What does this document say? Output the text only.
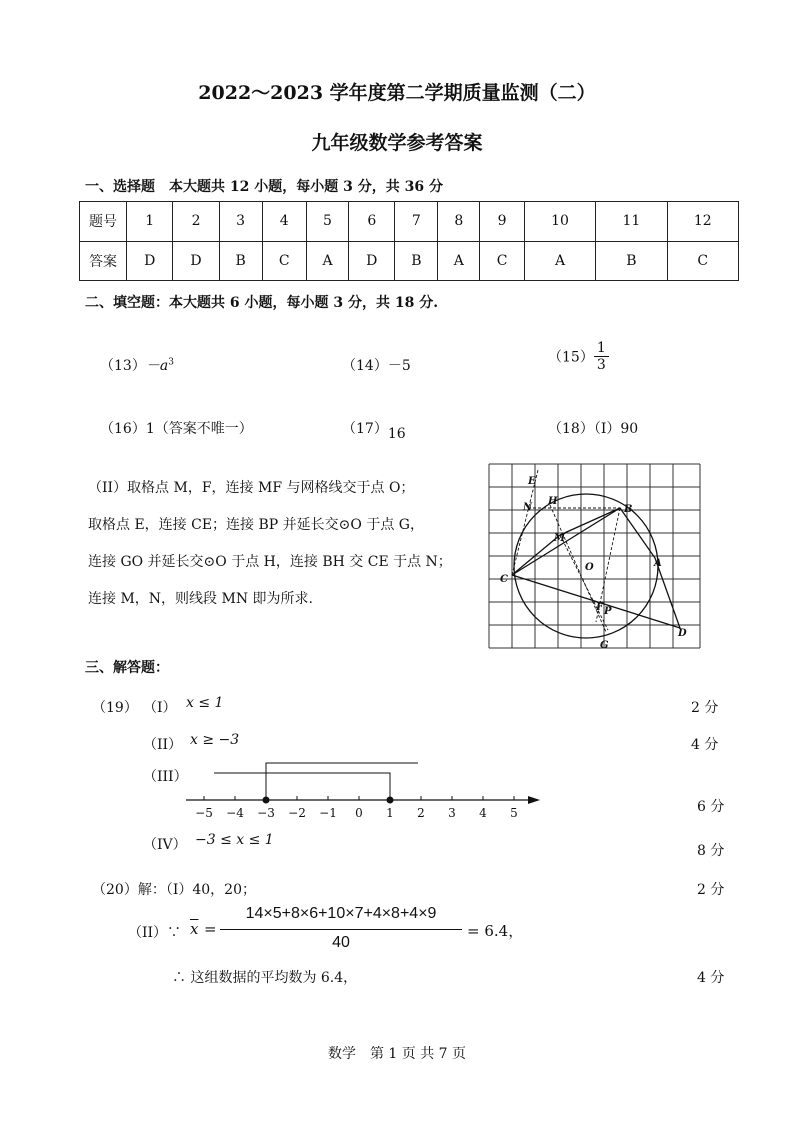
2022～2023 学年度第二学期质量监测（二）
九年级数学参考答案
一、选择题　本大题共 12 小题，每小题 3 分，共 36 分
题号	1	2	3	4	5	6	7	8	9	10	11	12
答案	D	D	B	C	A	D	B	A	C	A	B	C
二、填空题：本大题共 6 小题，每小题 3 分，共 18 分.
$(13)-a^3$	（14）－5
$(15) \frac{1}{3}$
（16）1（答案不唯一）	（17）16	（18）（I）90
（II）取格点 M，F，连接 MF 与网格线交于点 O；
取格点 E，连接 CE；连接 BP 并延长交⊙O 于点 G，
连接 GO 并延长交⊙O 于点 H，连接 BH 交 CE 于点 N；
连接 M，N，则线段 MN 即为所求.
E
N
H
B
M
O	A
C
F P
G
D
三、解答题：
（19） （I） x ≤ 1	2 分
（II） x ≥ −3	4 分
（III）
−5 −4 −3 −2 −1 0 1 2 3 4 5	6 分
（IV） −3 ≤ x ≤ 1
8 分
（20）解：（I）40，20；	2 分
（II）∵ $\overline{x}$ =
14×5+8×6+10×7+4×8+4×9
40
= 6.4，
∴ 这组数据的平均数为 6.4，	4 分
数学　第 1 页 共 7 页
